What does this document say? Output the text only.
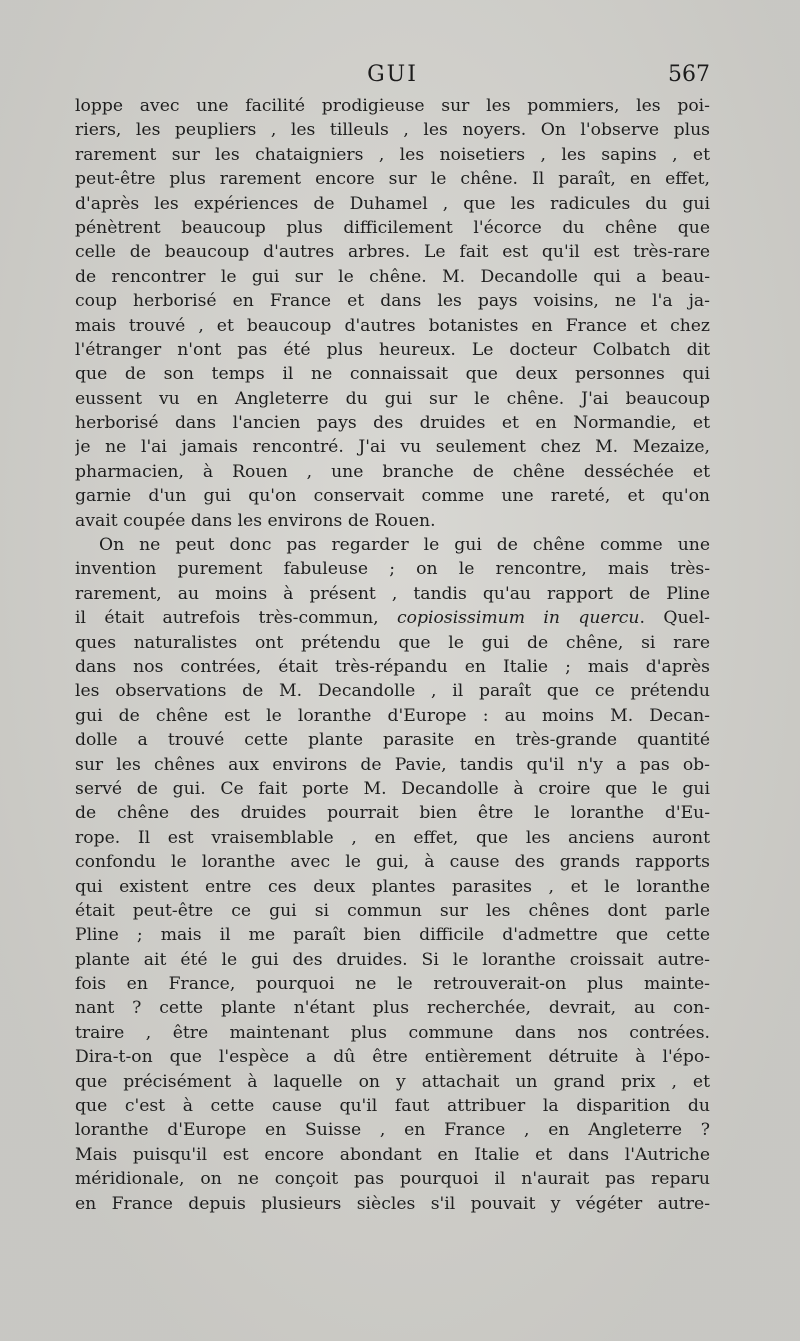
GUI	567
loppe avec une facilité prodigieuse sur les pommiers, les poi-
riers, les peupliers , les tilleuls , les noyers. On l'observe plus
rarement sur les chataigniers , les noisetiers , les sapins , et
peut-être plus rarement encore sur le chêne. Il paraît, en effet,
d'après les expériences de Duhamel , que les radicules du gui
pénètrent beaucoup plus difficilement l'écorce du chêne que
celle de beaucoup d'autres arbres. Le fait est qu'il est très-rare
de rencontrer le gui sur le chêne. M. Decandolle qui a beau-
coup herborisé en France et dans les pays voisins, ne l'a ja-
mais trouvé , et beaucoup d'autres botanistes en France et chez
l'étranger n'ont pas été plus heureux. Le docteur Colbatch dit
que de son temps il ne connaissait que deux personnes qui
eussent vu en Angleterre du gui sur le chêne. J'ai beaucoup
herborisé dans l'ancien pays des druides et en Normandie, et
je ne l'ai jamais rencontré. J'ai vu seulement chez M. Mezaize,
pharmacien, à Rouen , une branche de chêne desséchée et
garnie d'un gui qu'on conservait comme une rareté, et qu'on
avait coupée dans les environs de Rouen.
On ne peut donc pas regarder le gui de chêne comme une
invention purement fabuleuse ; on le rencontre, mais très-
rarement, au moins à présent , tandis qu'au rapport de Pline
il était autrefois très-commun, copiosissimum in quercu. Quel-
ques naturalistes ont prétendu que le gui de chêne, si rare
dans nos contrées, était très-répandu en Italie ; mais d'après
les observations de M. Decandolle , il paraît que ce prétendu
gui de chêne est le loranthe d'Europe : au moins M. Decan-
dolle a trouvé cette plante parasite en très-grande quantité
sur les chênes aux environs de Pavie, tandis qu'il n'y a pas ob-
servé de gui. Ce fait porte M. Decandolle à croire que le gui
de chêne des druides pourrait bien être le loranthe d'Eu-
rope. Il est vraisemblable , en effet, que les anciens auront
confondu le loranthe avec le gui, à cause des grands rapports
qui existent entre ces deux plantes parasites , et le loranthe
était peut-être ce gui si commun sur les chênes dont parle
Pline ; mais il me paraît bien difficile d'admettre que cette
plante ait été le gui des druides. Si le loranthe croissait autre-
fois en France, pourquoi ne le retrouverait-on plus mainte-
nant ? cette plante n'étant plus recherchée, devrait, au con-
traire , être maintenant plus commune dans nos contrées.
Dira-t-on que l'espèce a dû être entièrement détruite à l'épo-
que précisément à laquelle on y attachait un grand prix , et
que c'est à cette cause qu'il faut attribuer la disparition du
loranthe d'Europe en Suisse , en France , en Angleterre ?
Mais puisqu'il est encore abondant en Italie et dans l'Autriche
méridionale, on ne conçoit pas pourquoi il n'aurait pas reparu
en France depuis plusieurs siècles s'il pouvait y végéter autre-
